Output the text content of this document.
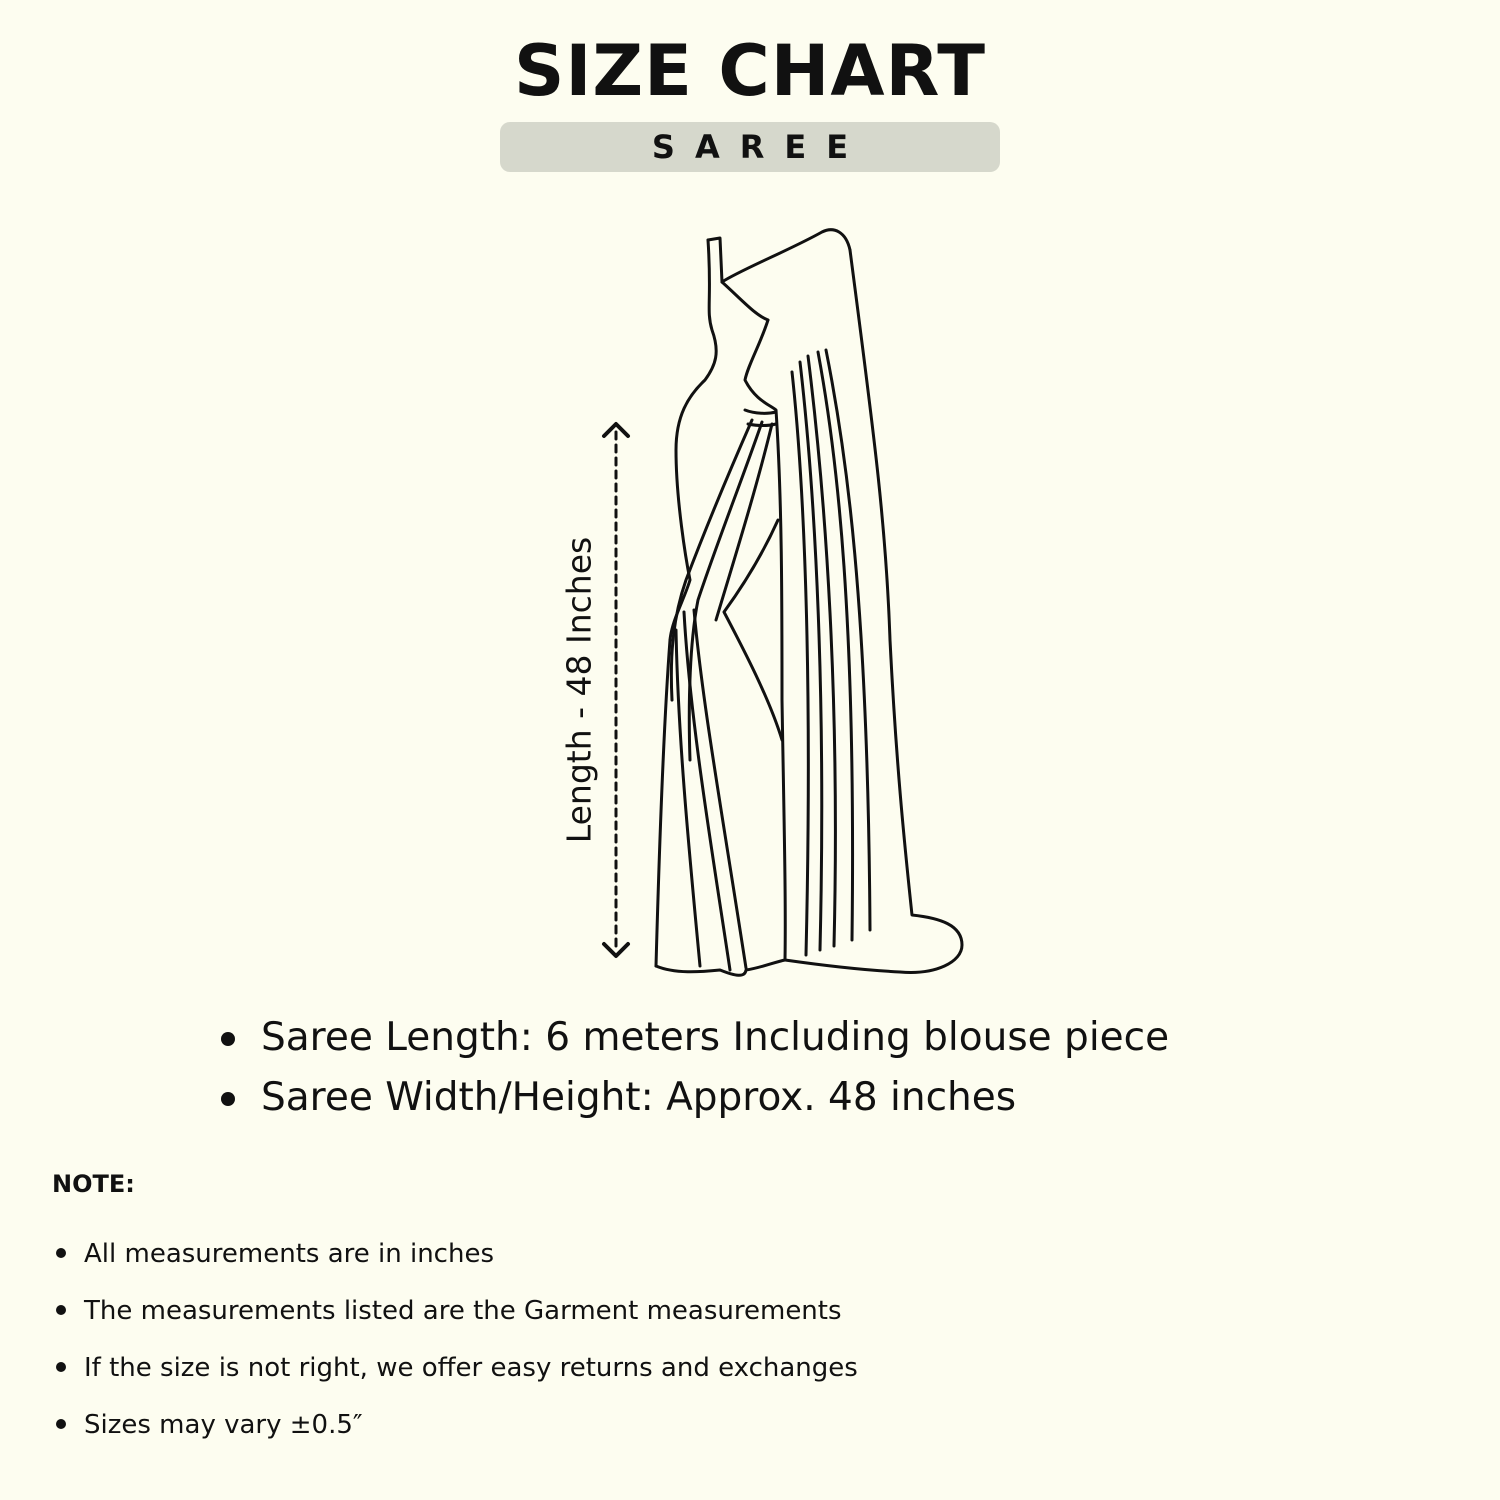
SIZE CHART
SAREE
Length - 48 Inches
Saree Length: 6 meters Including blouse piece
Saree Width/Height: Approx. 48 inches
NOTE:
All measurements are in inches
The measurements listed are the Garment measurements
If the size is not right, we offer easy returns and exchanges
Sizes may vary ±0.5″
